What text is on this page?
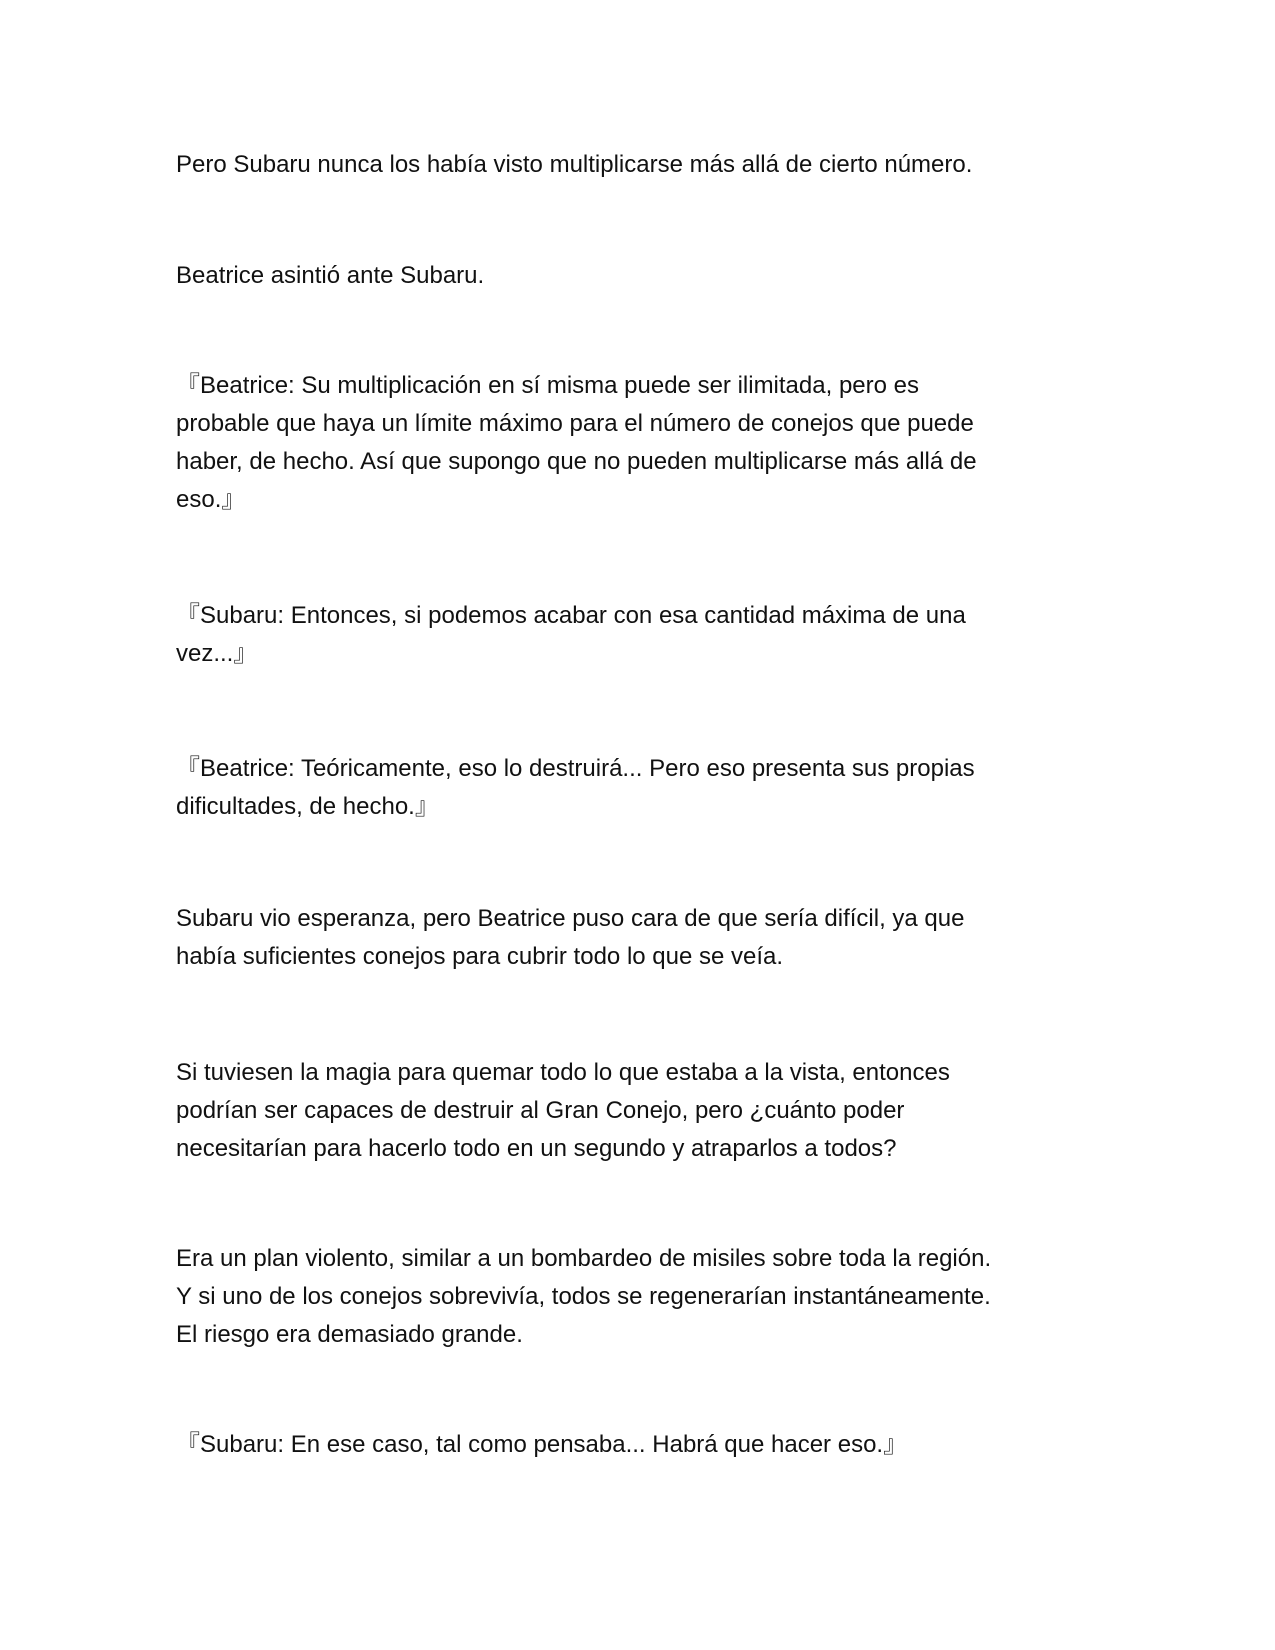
Pero Subaru nunca los había visto multiplicarse más allá de cierto número.

Beatrice asintió ante Subaru.

『Beatrice: Su multiplicación en sí misma puede ser ilimitada, pero es
probable que haya un límite máximo para el número de conejos que puede
haber, de hecho. Así que supongo que no pueden multiplicarse más allá de
eso.』

『Subaru: Entonces, si podemos acabar con esa cantidad máxima de una
vez...』

『Beatrice: Teóricamente, eso lo destruirá... Pero eso presenta sus propias
dificultades, de hecho.』

Subaru vio esperanza, pero Beatrice puso cara de que sería difícil, ya que
había suficientes conejos para cubrir todo lo que se veía.

Si tuviesen la magia para quemar todo lo que estaba a la vista, entonces
podrían ser capaces de destruir al Gran Conejo, pero ¿cuánto poder
necesitarían para hacerlo todo en un segundo y atraparlos a todos?

Era un plan violento, similar a un bombardeo de misiles sobre toda la región.
Y si uno de los conejos sobrevivía, todos se regenerarían instantáneamente.
El riesgo era demasiado grande.

『Subaru: En ese caso, tal como pensaba... Habrá que hacer eso.』
